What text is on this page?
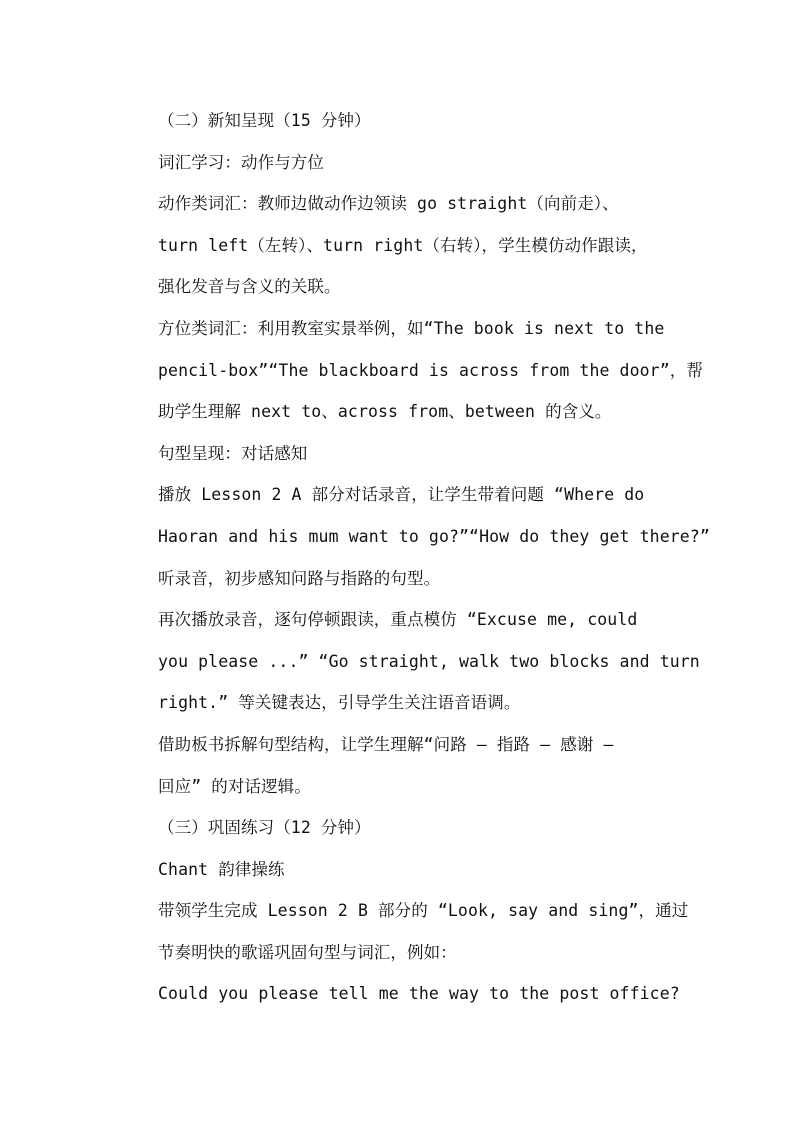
（二）新知呈现（15 分钟）
词汇学习：动作与方位
动作类词汇：教师边做动作边领读 go straight（向前走）、
turn left（左转）、turn right（右转），学生模仿动作跟读，
强化发音与含义的关联。
方位类词汇：利用教室实景举例，如“The book is next to the
pencil-box”“The blackboard is across from the door”，帮
助学生理解 next to、across from、between 的含义。
句型呈现：对话感知
播放 Lesson 2 A 部分对话录音，让学生带着问题 “Where do
Haoran and his mum want to go?”“How do they get there?”
听录音，初步感知问路与指路的句型。
再次播放录音，逐句停顿跟读，重点模仿 “Excuse me, could
you please ...” “Go straight, walk two blocks and turn
right.” 等关键表达，引导学生关注语音语调。
借助板书拆解句型结构，让学生理解“问路 — 指路 — 感谢 —
回应” 的对话逻辑。
（三）巩固练习（12 分钟）
Chant 韵律操练
带领学生完成 Lesson 2 B 部分的 “Look, say and sing”，通过
节奏明快的歌谣巩固句型与词汇，例如：
Could you please tell me the way to the post office?
